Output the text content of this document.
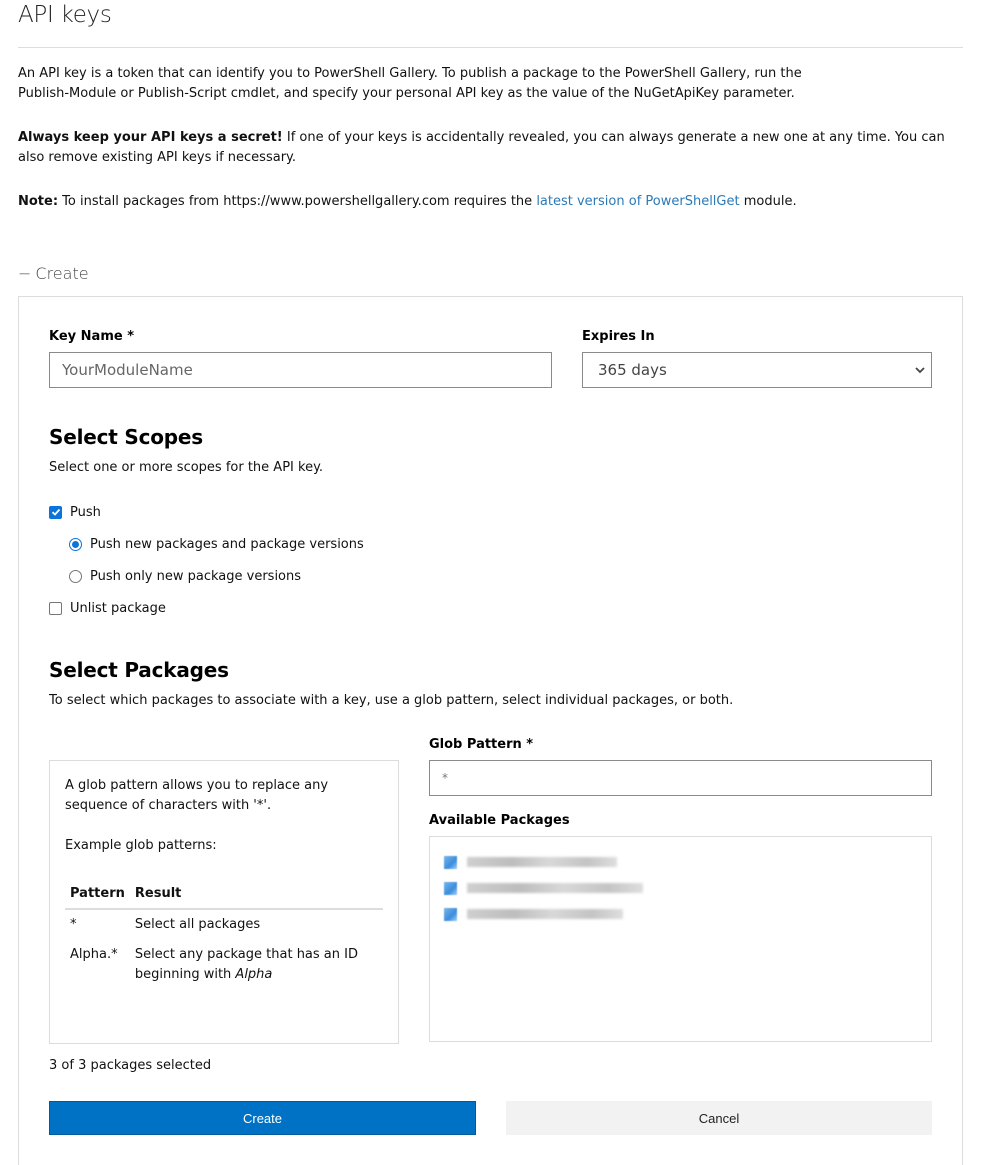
API keys
An API key is a token that can identify you to PowerShell Gallery. To publish a package to the PowerShell Gallery, run the
Publish-Module or Publish-Script cmdlet, and specify your personal API key as the value of the NuGetApiKey parameter.
Always keep your API keys a secret! If one of your keys is accidentally revealed, you can always generate a new one at any time. You can also remove existing API keys if necessary.
Note: To install packages from https://www.powershellgallery.com requires the latest version of PowerShellGet module.
− Create
Key Name *
YourModuleName
Expires In
365 days
Select Scopes
Select one or more scopes for the API key.
Push
Push new packages and package versions
Push only new package versions
Unlist package
Select Packages
To select which packages to associate with a key, use a glob pattern, select individual packages, or both.

A glob pattern allows you to replace any sequence of characters with '*'.

Example glob patterns:

Pattern	Result
*	Select all packages
Alpha.*	Select any package that has an ID beginning with Alpha
Glob Pattern *
*
Available Packages
3 of 3 packages selected
Create	Cancel
